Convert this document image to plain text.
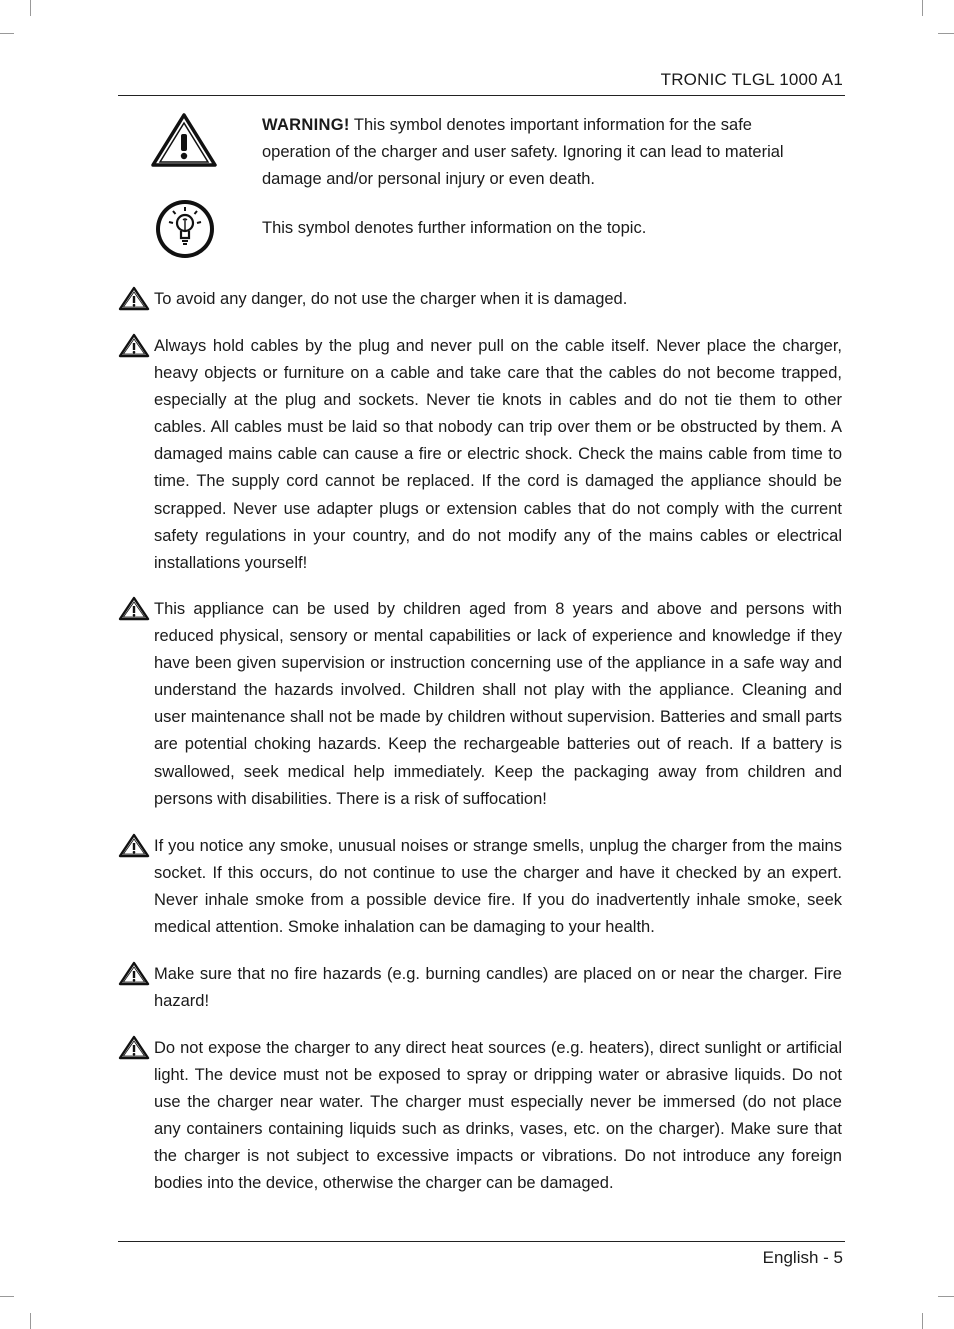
TRONIC TLGL 1000 A1
WARNING! This symbol denotes important information for the safe operation of the charger and user safety. Ignoring it can lead to material damage and/or personal injury or even death.
This symbol denotes further information on the topic.

To avoid any danger, do not use the charger when it is damaged.

Always hold cables by the plug and never pull on the cable itself. Never place the charger, heavy objects or furniture on a cable and take care that the cables do not become trapped, especially at the plug and sockets. Never tie knots in cables and do not tie them to other cables. All cables must be laid so that nobody can trip over them or be obstructed by them. A damaged mains cable can cause a fire or electric shock. Check the mains cable from time to time. The supply cord cannot be replaced. If the cord is damaged the appliance should be scrapped. Never use adapter plugs or extension cables that do not comply with the current safety regulations in your country, and do not modify any of the mains cables or electrical installations yourself!

This appliance can be used by children aged from 8 years and above and persons with reduced physical, sensory or mental capabilities or lack of experience and knowledge if they have been given supervision or instruction concerning use of the appliance in a safe way and understand the hazards involved. Children shall not play with the appliance. Cleaning and user maintenance shall not be made by children without supervision. Batteries and small parts are potential choking hazards. Keep the rechargeable batteries out of reach. If a battery is swallowed, seek medical help immediately. Keep the packaging away from children and persons with disabilities. There is a risk of suffocation!

If you notice any smoke, unusual noises or strange smells, unplug the charger from the mains socket. If this occurs, do not continue to use the charger and have it checked by an expert. Never inhale smoke from a possible device fire. If you do inadvertently inhale smoke, seek medical attention. Smoke inhalation can be damaging to your health.

Make sure that no fire hazards (e.g. burning candles) are placed on or near the charger. Fire hazard!

Do not expose the charger to any direct heat sources (e.g. heaters), direct sunlight or artificial light. The device must not be exposed to spray or dripping water or abrasive liquids. Do not use the charger near water. The charger must especially never be immersed (do not place any containers containing liquids such as drinks, vases, etc. on the charger). Make sure that the charger is not subject to excessive impacts or vibrations. Do not introduce any foreign bodies into the device, otherwise the charger can be damaged.

English - 5
